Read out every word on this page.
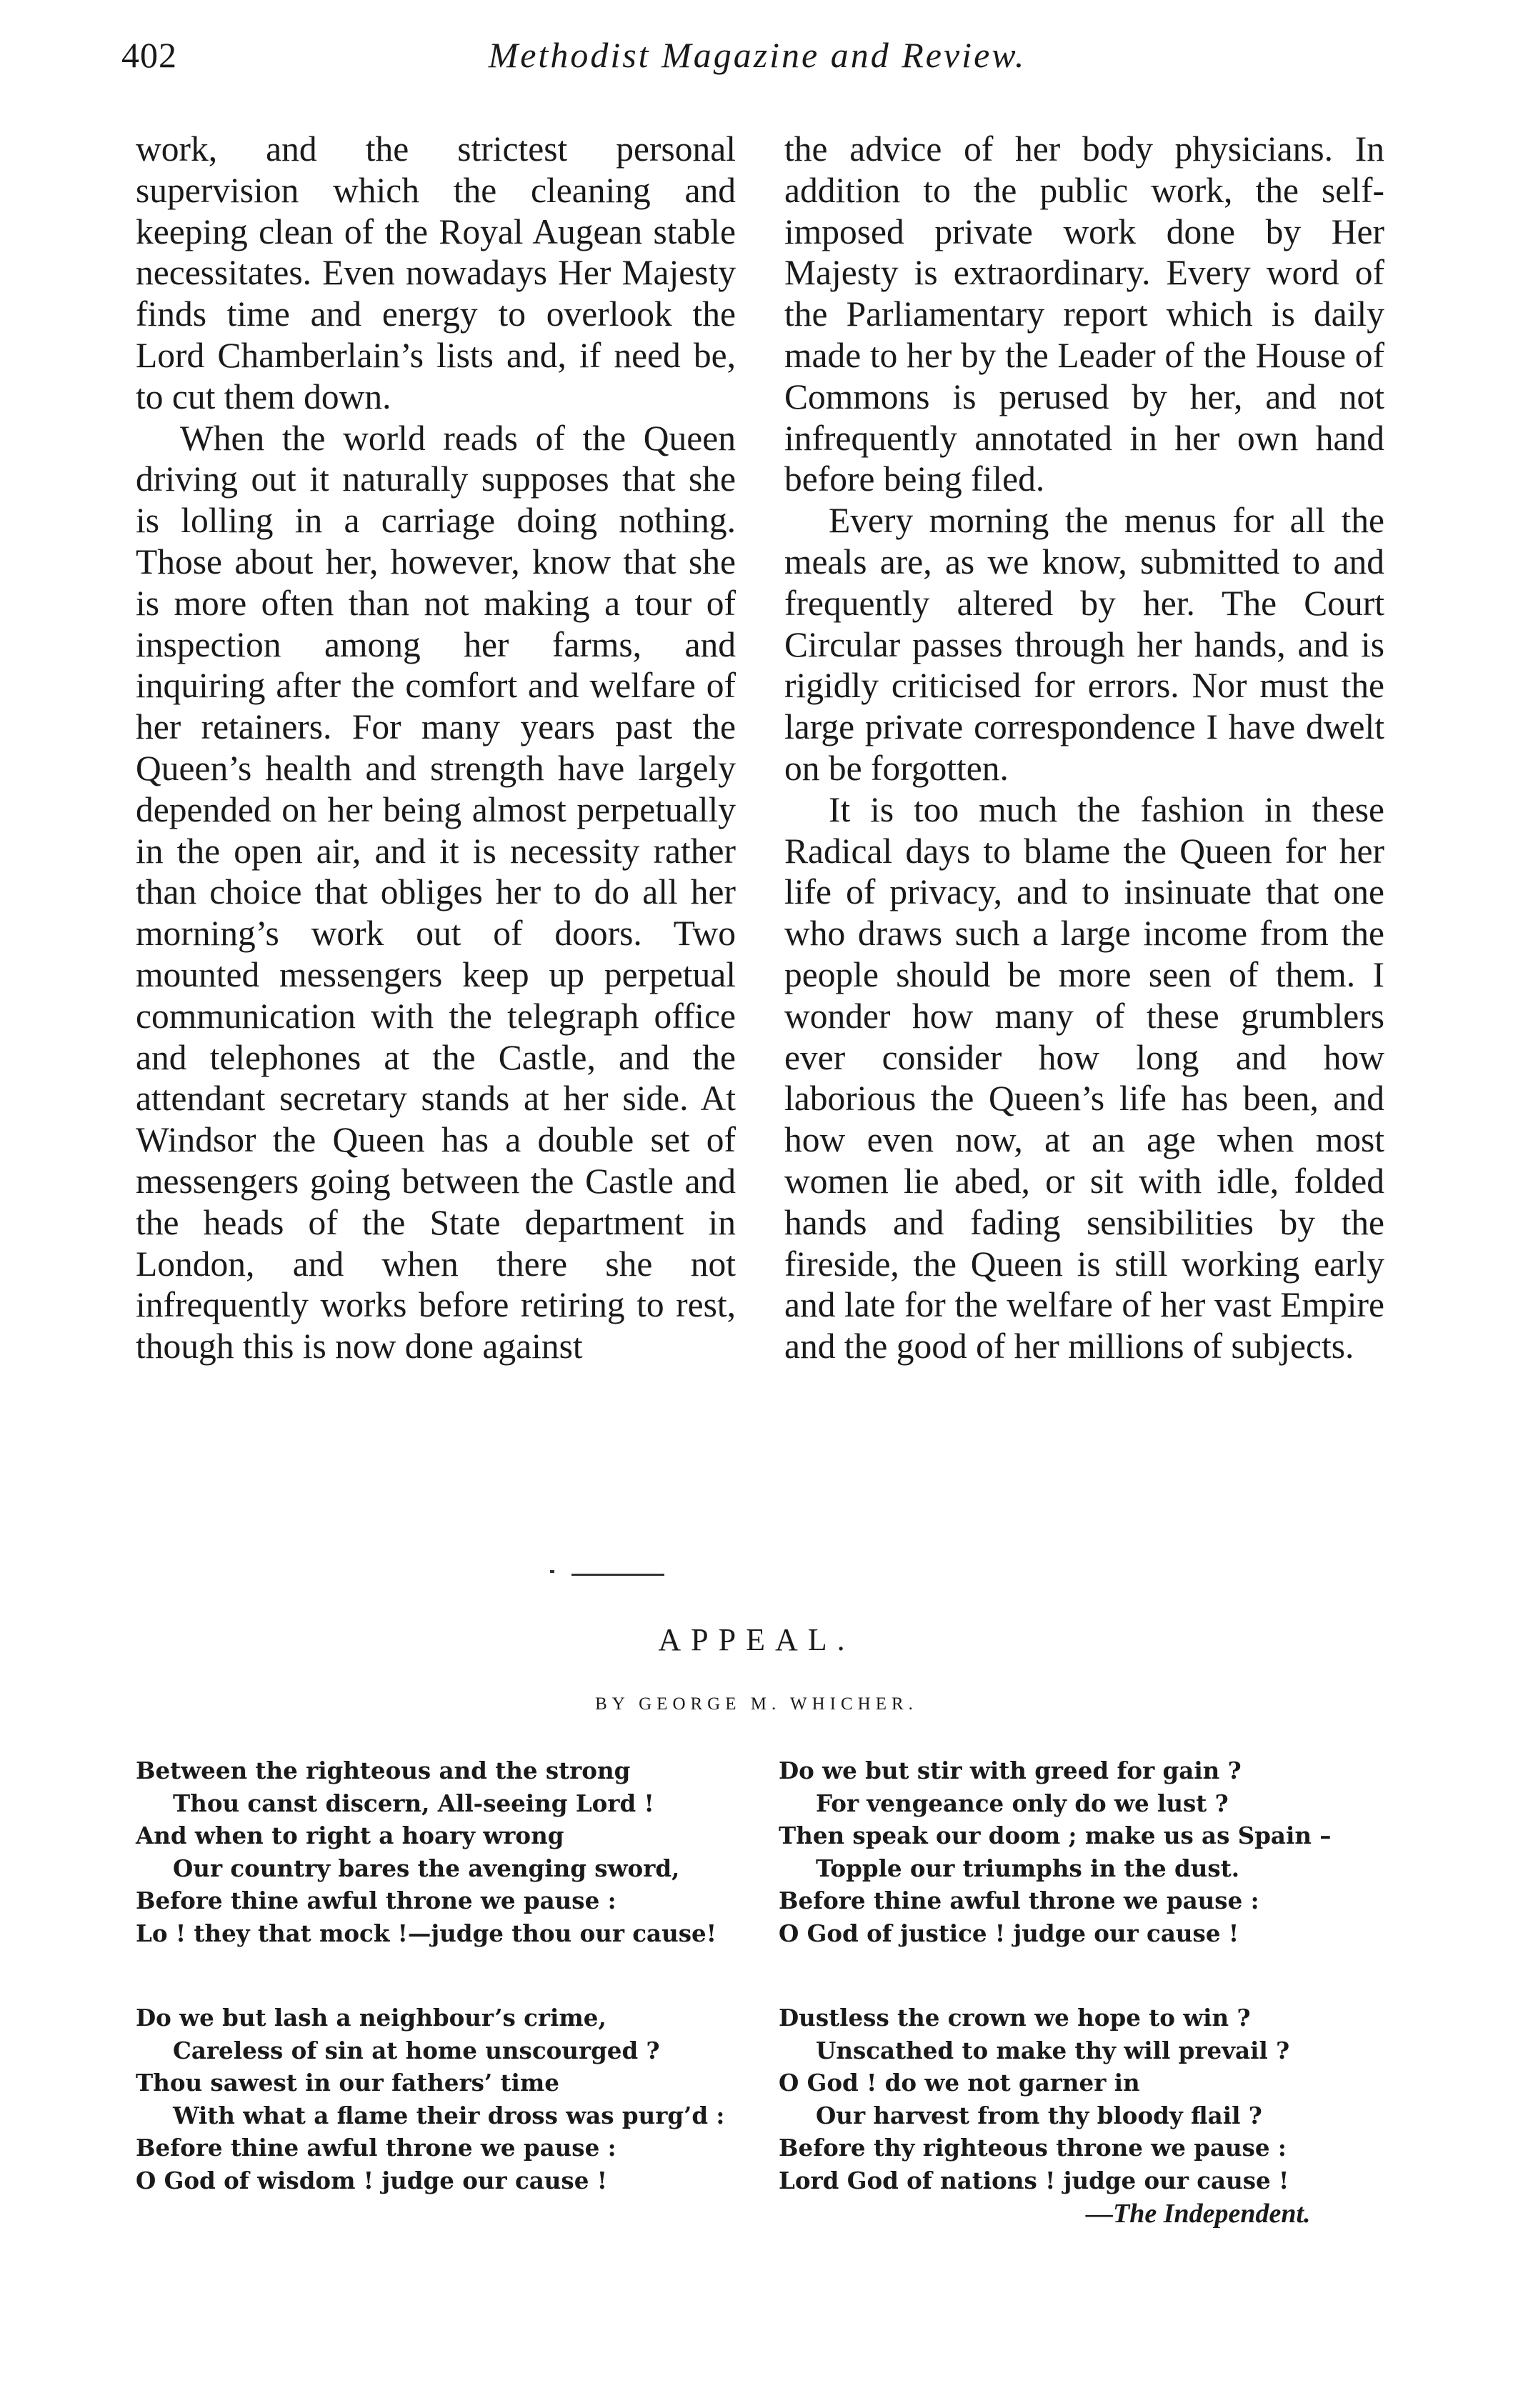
402	Methodist Magazine and Review.

work, and the strictest personal supervision which the cleaning and keeping clean of the Royal Augean stable necessitates. Even nowadays Her Majesty finds time and energy to overlook the Lord Chamberlain’s lists and, if need be, to cut them down.

When the world reads of the Queen driving out it naturally supposes that she is lolling in a carriage doing nothing. Those about her, however, know that she is more often than not making a tour of inspection among her farms, and inquiring after the comfort and welfare of her retainers. For many years past the Queen’s health and strength have largely depended on her being almost perpetually in the open air, and it is necessity rather than choice that obliges her to do all her morning’s work out of doors. Two mounted messengers keep up perpetual communication with the telegraph office and telephones at the Castle, and the attendant secretary stands at her side. At Windsor the Queen has a double set of messengers going between the Castle and the heads of the State department in London, and when there she not infrequently works before retiring to rest, though this is now done against

the advice of her body physicians. In addition to the public work, the self-imposed private work done by Her Majesty is extraordinary. Every word of the Parliamentary report which is daily made to her by the Leader of the House of Commons is perused by her, and not infrequently annotated in her own hand before being filed.

Every morning the menus for all the meals are, as we know, submitted to and frequently altered by her. The Court Circular passes through her hands, and is rigidly criticised for errors. Nor must the large private correspondence I have dwelt on be forgotten.

It is too much the fashion in these Radical days to blame the Queen for her life of privacy, and to insinuate that one who draws such a large income from the people should be more seen of them. I wonder how many of these grumblers ever consider how long and how laborious the Queen’s life has been, and how even now, at an age when most women lie abed, or sit with idle, folded hands and fading sensibilities by the fireside, the Queen is still working early and late for the welfare of her vast Empire and the good of her millions of subjects.

APPEAL.
BY GEORGE M. WHICHER.
Between the righteous and the strong
Thou canst discern, All-seeing Lord !
And when to right a hoary wrong
Our country bares the avenging sword,
Before thine awful throne we pause :
Lo ! they that mock !—judge thou our cause!
Do we but stir with greed for gain ?
For vengeance only do we lust ?
Then speak our doom ; make us as Spain –
Topple our triumphs in the dust.
Before thine awful throne we pause :
O God of justice ! judge our cause !
Do we but lash a neighbour’s crime,
Careless of sin at home unscourged ?
Thou sawest in our fathers’ time
With what a flame their dross was purg’d :
Before thine awful throne we pause :
O God of wisdom ! judge our cause !
Dustless the crown we hope to win ?
Unscathed to make thy will prevail ?
O God ! do we not garner in
Our harvest from thy bloody flail ?
Before thy righteous throne we pause :
Lord God of nations ! judge our cause !
—The Independent.
